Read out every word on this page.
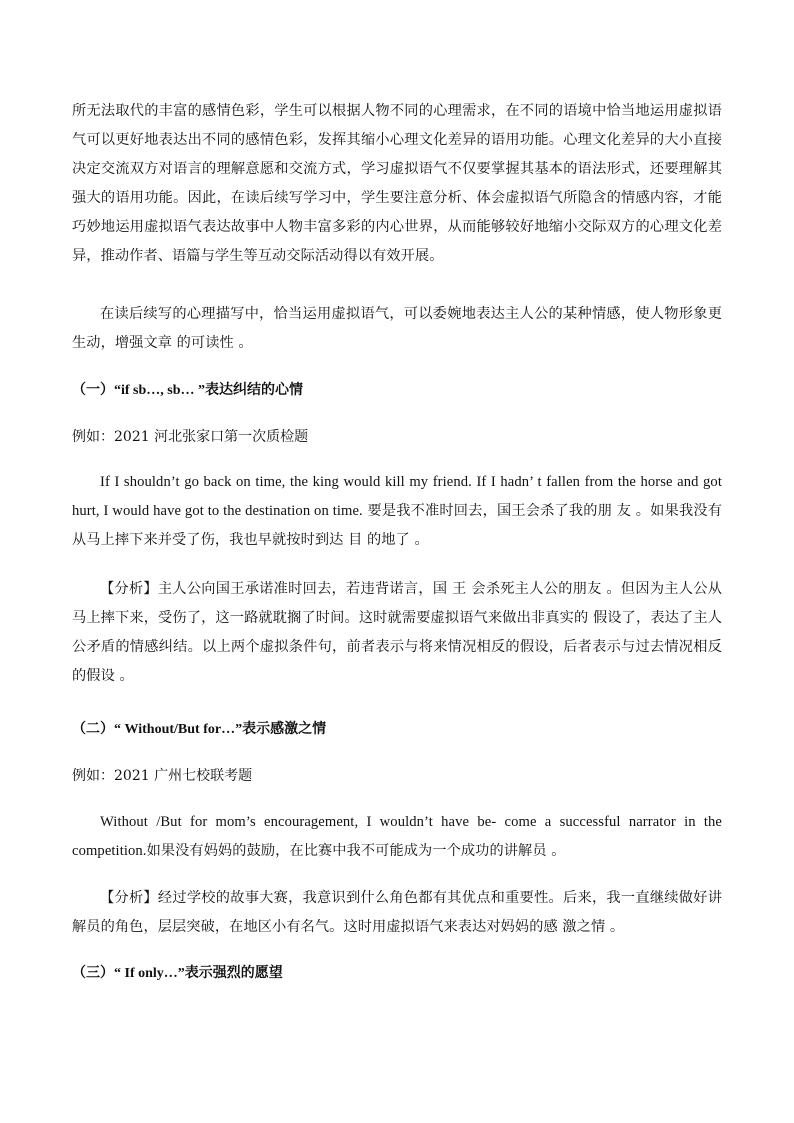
所无法取代的丰富的感情色彩，学生可以根据人物不同的心理需求，在不同的语境中恰当地运用虚拟语气可以更好地表达出不同的感情色彩，发挥其缩小心理文化差异的语用功能。心理文化差异的大小直接决定交流双方对语言的理解意愿和交流方式，学习虚拟语气不仅要掌握其基本的语法形式，还要理解其强大的语用功能。因此，在读后续写学习中，学生要注意分析、体会虚拟语气所隐含的情感内容，才能巧妙地运用虚拟语气表达故事中人物丰富多彩的内心世界，从而能够较好地缩小交际双方的心理文化差异，推动作者、语篇与学生等互动交际活动得以有效开展。

在读后续写的心理描写中，恰当运用虚拟语气，可以委婉地表达主人公的某种情感，使人物形象更生动，增强文章 的可读性 。

（一）“if sb…, sb… ”表达纠结的心情

例如：2021 河北张家口第一次质检题

If I shouldn’t go back on time, the king would kill my friend. If I hadn’ t fallen from the horse and got hurt, I would have got to the destination on time. 要是我不准时回去，国王会杀了我的朋 友 。如果我没有从马上摔下来并受了伤，我也早就按时到达 目 的地了 。

【分析】主人公向国王承诺准时回去，若违背诺言，国 王 会杀死主人公的朋友 。但因为主人公从马上摔下来，受伤了，这一路就耽搁了时间。这时就需要虚拟语气来做出非真实的 假设了，表达了主人公矛盾的情感纠结。以上两个虚拟条件句，前者表示与将来情况相反的假设，后者表示与过去情况相反的假设 。

（二）“ Without/But for…”表示感激之情

例如：2021 广州七校联考题

Without /But for mom’s encouragement, I wouldn’t have be- come a successful narrator in the competition.如果没有妈妈的鼓励，在比赛中我不可能成为一个成功的讲解员 。

【分析】经过学校的故事大赛，我意识到什么角色都有其优点和重要性。后来，我一直继续做好讲解员的角色，层层突破，在地区小有名气。这时用虚拟语气来表达对妈妈的感 激之情 。

（三）“ If only…”表示强烈的愿望
